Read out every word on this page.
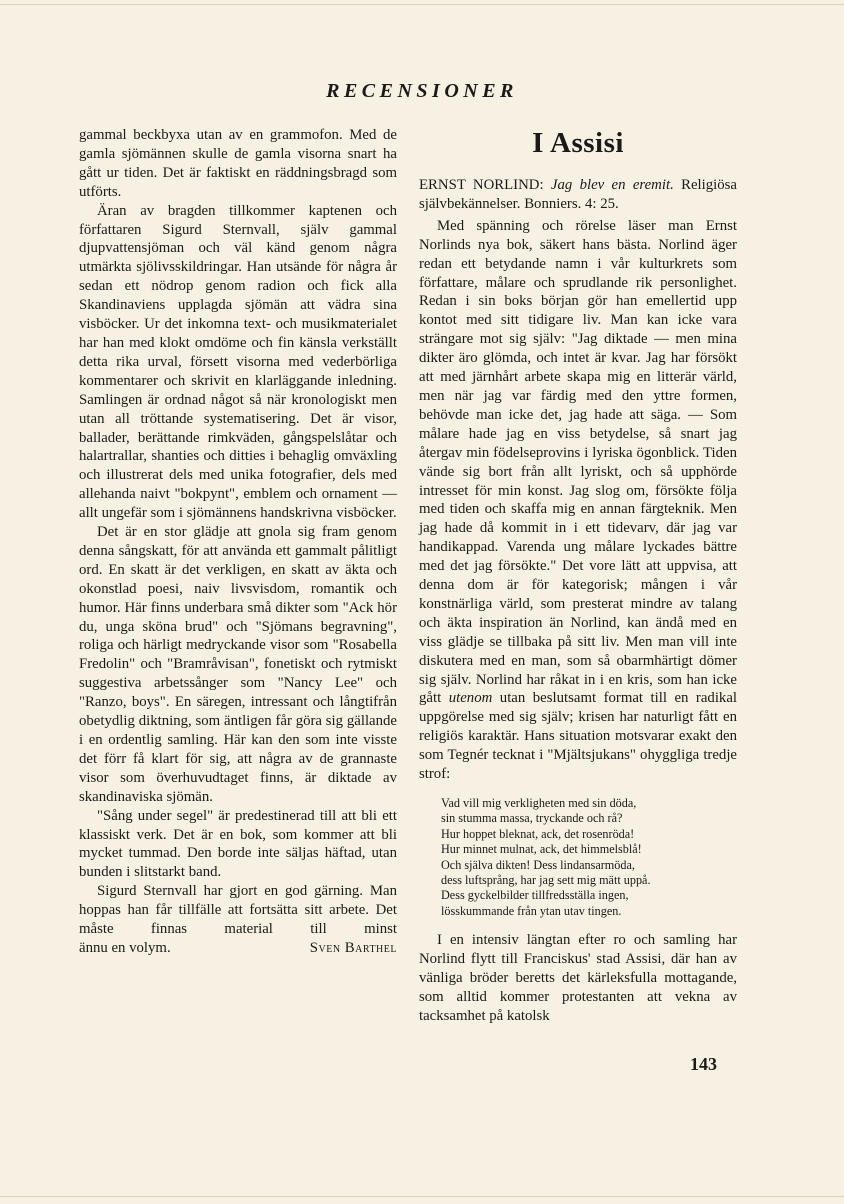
RECENSIONER

gammal beckbyxa utan av en grammofon. Med de gamla sjömännen skulle de gamla visorna snart ha gått ur tiden. Det är faktiskt en räddningsbragd som utförts.

Äran av bragden tillkommer kaptenen och författaren Sigurd Sternvall, själv gammal djupvattensjöman och väl känd genom några utmärkta sjölivsskildringar. Han utsände för några år sedan ett nödrop genom radion och fick alla Skandinaviens upplagda sjömän att vädra sina visböcker. Ur det inkomna text- och musikmaterialet har han med klokt omdöme och fin känsla verkställt detta rika urval, försett visorna med vederbörliga kommentarer och skrivit en klarläggande inledning. Samlingen är ordnad något så när kronologiskt men utan all tröttande systematisering. Det är visor, ballader, berättande rimkväden, gångspelslåtar och halartrallar, shanties och ditties i behaglig omväxling och illustrerat dels med unika fotografier, dels med allehanda naivt "bokpynt", emblem och ornament — allt ungefär som i sjömännens handskrivna visböcker.

Det är en stor glädje att gnola sig fram genom denna sångskatt, för att använda ett gammalt pålitligt ord. En skatt är det verkligen, en skatt av äkta och okonstlad poesi, naiv livsvisdom, romantik och humor. Här finns underbara små dikter som "Ack hör du, unga sköna brud" och "Sjömans begravning", roliga och härligt medryckande visor som "Rosabella Fredolin" och "Bramråvisan", fonetiskt och rytmiskt suggestiva arbetssånger som "Nancy Lee" och "Ranzo, boys". En säregen, intressant och långtifrån obetydlig diktning, som äntligen får göra sig gällande i en ordentlig samling. Här kan den som inte visste det förr få klart för sig, att några av de grannaste visor som överhuvudtaget finns, är diktade av skandinaviska sjömän.

"Sång under segel" är predestinerad till att bli ett klassiskt verk. Det är en bok, som kommer att bli mycket tummad. Den borde inte säljas häftad, utan bunden i slitstarkt band.

Sigurd Sternvall har gjort en god gärning. Man hoppas han får tillfälle att fortsätta sitt arbete. Det måste finnas material till minst

ännu en volym.	Sven Barthel
I Assisi

ERNST NORLIND: Jag blev en eremit. Religiösa självbekännelser. Bonniers. 4: 25.

Med spänning och rörelse läser man Ernst Norlinds nya bok, säkert hans bästa. Norlind äger redan ett betydande namn i vår kulturkrets som författare, målare och sprudlande rik personlighet. Redan i sin boks början gör han emellertid upp kontot med sitt tidigare liv. Man kan icke vara strängare mot sig själv: "Jag diktade — men mina dikter äro glömda, och intet är kvar. Jag har försökt att med järnhårt arbete skapa mig en litterär värld, men när jag var färdig med den yttre formen, behövde man icke det, jag hade att säga. — Som målare hade jag en viss betydelse, så snart jag återgav min födelseprovins i lyriska ögonblick. Tiden vände sig bort från allt lyriskt, och så upphörde intresset för min konst. Jag slog om, försökte följa med tiden och skaffa mig en annan färgteknik. Men jag hade då kommit in i ett tidevarv, där jag var handikappad. Varenda ung målare lyckades bättre med det jag försökte." Det vore lätt att uppvisa, att denna dom är för kategorisk; mången i vår konstnärliga värld, som presterat mindre av talang och äkta inspiration än Norlind, kan ändå med en viss glädje se tillbaka på sitt liv. Men man vill inte diskutera med en man, som så obarmhärtigt dömer sig själv. Norlind har råkat in i en kris, som han icke gått utenom utan beslutsamt format till en radikal uppgörelse med sig själv; krisen har naturligt fått en religiös karaktär. Hans situation motsvarar exakt den som Tegnér tecknat i "Mjältsjukans" ohyggliga tredje strof:

Vad vill mig verkligheten med sin döda,
sin stumma massa, tryckande och rå?
Hur hoppet bleknat, ack, det rosenröda!
Hur minnet mulnat, ack, det himmelsblå!
Och själva dikten! Dess lindansarmöda,
dess luftsprång, har jag sett mig mätt uppå.
Dess gyckelbilder tillfredsställa ingen,
lösskummande från ytan utav tingen.

I en intensiv längtan efter ro och samling har Norlind flytt till Franciskus' stad Assisi, där han av vänliga bröder beretts det kärleksfulla mottagande, som alltid kommer protestanten att vekna av tacksamhet på katolsk

143
